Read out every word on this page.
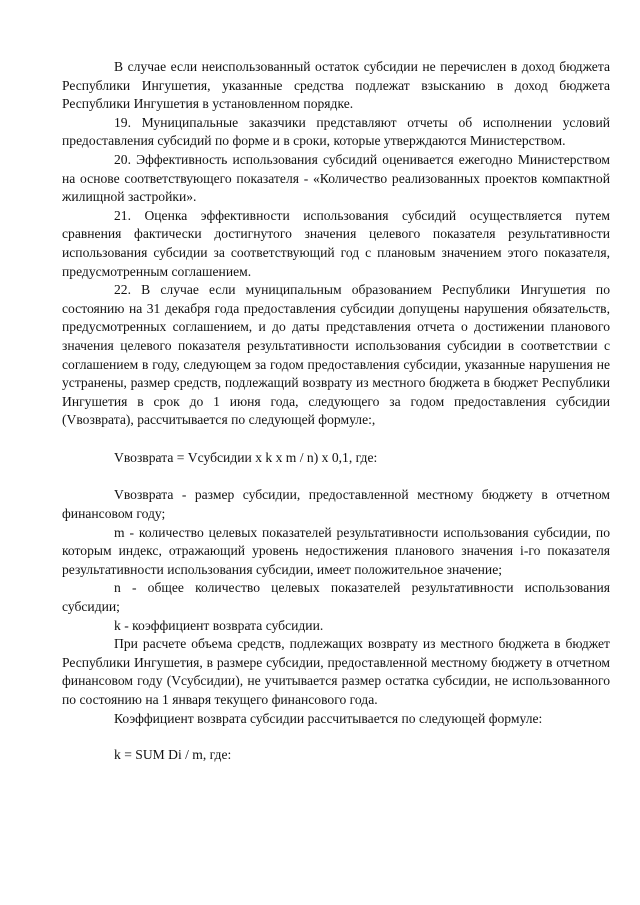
В случае если неиспользованный остаток субсидии не перечислен в доход бюджета Республики Ингушетия, указанные средства подлежат взысканию в доход бюджета Республики Ингушетия в установленном порядке.

19. Муниципальные заказчики представляют отчеты об исполнении условий предоставления субсидий по форме и в сроки, которые утверждаются Министерством.

20. Эффективность использования субсидий оценивается ежегодно Министерством на основе соответствующего показателя - «Количество реализованных проектов компактной жилищной застройки».

21. Оценка эффективности использования субсидий осуществляется путем сравнения фактически достигнутого значения целевого показателя результативности использования субсидии за соответствующий год с плановым значением этого показателя, предусмотренным соглашением.

22. В случае если муниципальным образованием Республики Ингушетия по состоянию на 31 декабря года предоставления субсидии допущены нарушения обязательств, предусмотренных соглашением, и до даты представления отчета о достижении планового значения целевого показателя результативности использования субсидии в соответствии с соглашением в году, следующем за годом предоставления субсидии, указанные нарушения не устранены, размер средств, подлежащий возврату из местного бюджета в бюджет Республики Ингушетия в срок до 1 июня года, следующего за годом предоставления субсидии (Vвозврата), рассчитывается по следующей формуле:,

Vвозврата = Vсубсидии x k x m / n) x 0,1, где:

Vвозврата - размер субсидии, предоставленной местному бюджету в отчетном финансовом году;

m - количество целевых показателей результативности использования субсидии, по которым индекс, отражающий уровень недостижения планового значения i-го показателя результативности использования субсидии, имеет положительное значение;

n - общее количество целевых показателей результативности использования субсидии;

k - коэффициент возврата субсидии.

При расчете объема средств, подлежащих возврату из местного бюджета в бюджет Республики Ингушетия, в размере субсидии, предоставленной местному бюджету в отчетном финансовом году (Vсубсидии), не учитывается размер остатка субсидии, не использованного по состоянию на 1 января текущего финансового года.

Коэффициент возврата субсидии рассчитывается по следующей формуле:

k = SUM Di / m, где:
